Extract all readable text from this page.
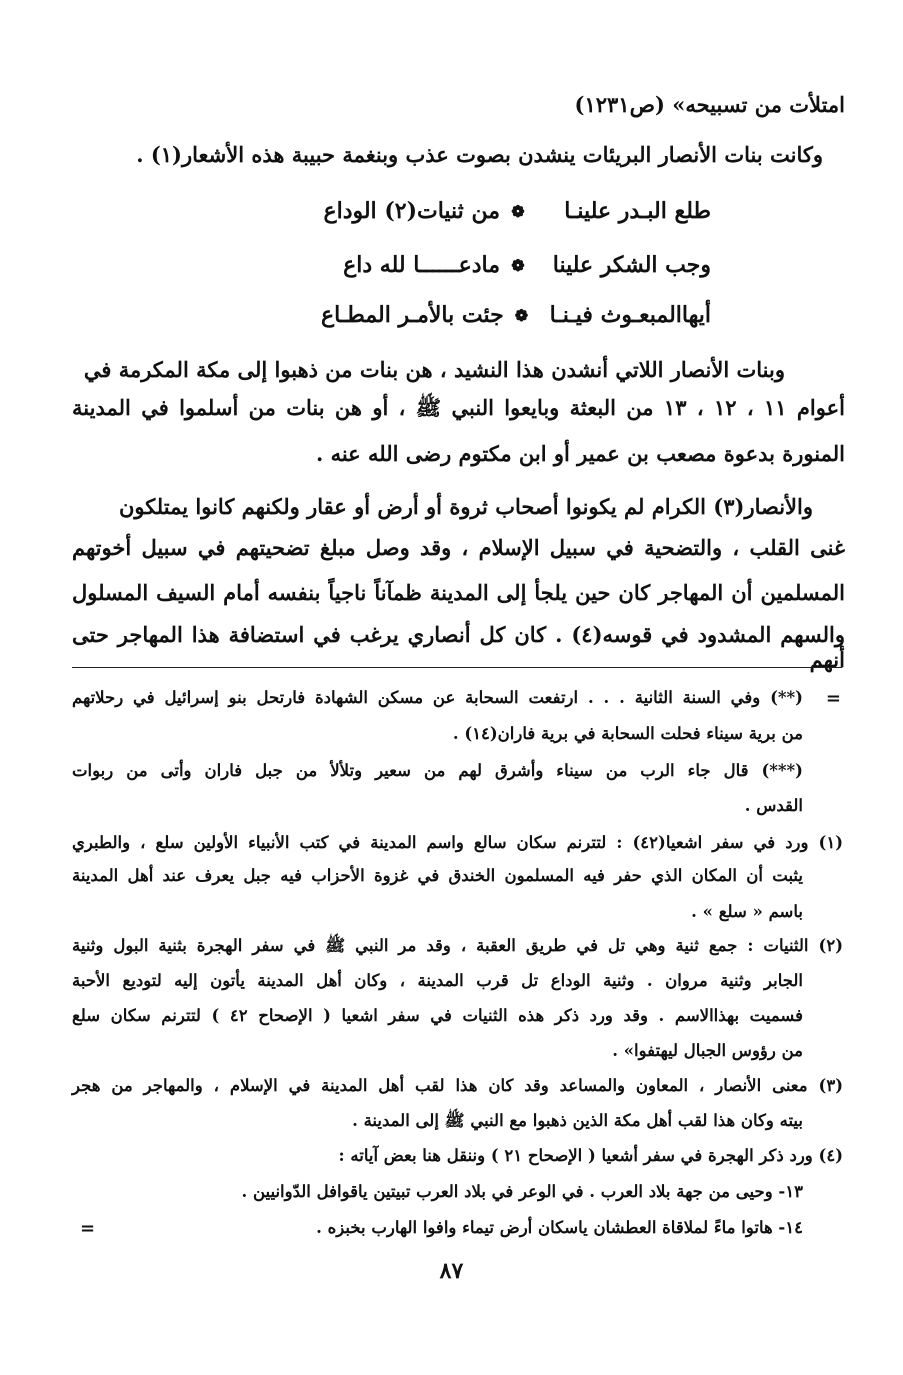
امتلأت من تسبيحه» (ص١٢٣١)
وكانت بنات الأنصار البريئات ينشدن بصوت عذب وبنغمة حبيبة هذه الأشعار(١) .
طلع البـدر علينـا
❁
من ثنيات(٢) الوداع
وجب الشكر علينا
❁
مادعــــــا لله داع
أيهاالمبعـوث فيـنـا
❁
جئت بالأمـر المطـاع
وبنات الأنصار اللاتي أنشدن هذا النشيد ، هن بنات من ذهبوا إلى مكة المكرمة في
أعوام ١١ ، ١٢ ، ١٣ من البعثة وبايعوا النبي ﷺ ، أو هن بنات من أسلموا في المدينة
المنورة بدعوة مصعب بن عمير أو ابن مكتوم رضى الله عنه .
والأنصار(٣) الكرام لم يكونوا أصحاب ثروة أو أرض أو عقار ولكنهم كانوا يمتلكون
غنى القلب ، والتضحية في سبيل الإسلام ، وقد وصل مبلغ تضحيتهم في سبيل أخوتهم
المسلمين أن المهاجر كان حين يلجأ إلى المدينة ظمآناً ناجياً بنفسه أمام السيف المسلول
والسهم المشدود في قوسه(٤) . كان كل أنصاري يرغب في استضافة هذا المهاجر حتى أنهم
=
(**) وفي السنة الثانية . . . ارتفعت السحابة عن مسكن الشهادة فارتحل بنو إسرائيل في رحلاتهم
من برية سيناء فحلت السحابة في برية فاران(١٤) .
(***) قال جاء الرب من سيناء وأشرق لهم من سعير وتلألأ من جبل فاران وأتى من ربوات
القدس .
(١) ورد في سفر اشعيا(٤٢) : لتترنم سكان سالع واسم المدينة في كتب الأنبياء الأولين سلع ، والطبري
يثبت أن المكان الذي حفر فيه المسلمون الخندق في غزوة الأحزاب فيه جبل يعرف عند أهل المدينة
باسم « سلع » .
(٢) الثنيات : جمع ثنية وهي تل في طريق العقبة ، وقد مر النبي ﷺ في سفر الهجرة بثنية البول وثنية
الجابر وثنية مروان . وثنية الوداع تل قرب المدينة ، وكان أهل المدينة يأتون إليه لتوديع الأحبة
فسميت بهذاالاسم . وقد ورد ذكر هذه الثنيات في سفر اشعيا ( الإصحاح ٤٢ ) لتترنم سكان سلع
من رؤوس الجبال ليهتفوا» .
(٣) معنى الأنصار ، المعاون والمساعد وقد كان هذا لقب أهل المدينة في الإسلام ، والمهاجر من هجر
بيته وكان هذا لقب أهل مكة الذين ذهبوا مع النبي ﷺ إلى المدينة .
(٤) ورد ذكر الهجرة في سفر أشعيا ( الإصحاح ٢١ ) وننقل هنا بعض آياته :
١٣- وحيى من جهة بلاد العرب . في الوعر في بلاد العرب تبيتين ياقوافل الدّوانيين .
١٤- هاتوا ماءً لملاقاة العطشان ياسكان أرض تيماء وافوا الهارب بخبزه .
=
٨٧
